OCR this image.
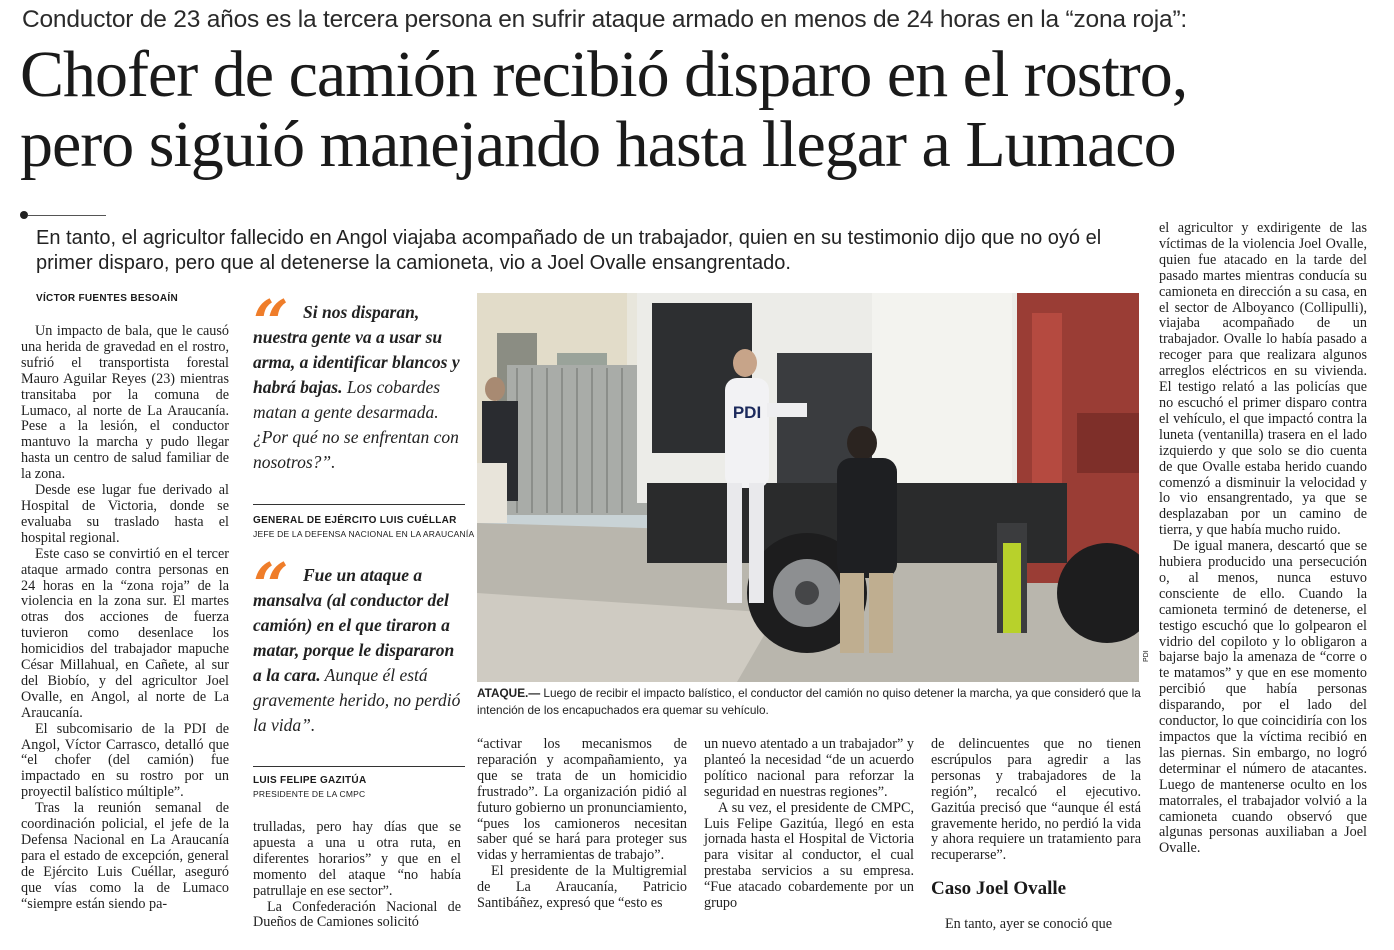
Conductor de 23 años es la tercera persona en sufrir ataque armado en menos de 24 horas en la “zona roja”:
Chofer de camión recibió disparo en el rostro,
pero siguió manejando hasta llegar a Lumaco
En tanto, el agricultor fallecido en Angol viajaba acompañado de un trabajador, quien en su testimonio dijo que no oyó el primer disparo, pero que al detenerse la camioneta, vio a Joel Ovalle ensangrentado.
VÍCTOR FUENTES BESOAÍN

Un impacto de bala, que le causó una herida de gravedad en el rostro, sufrió el transportista forestal Mauro Aguilar Reyes (23) mientras transitaba por la comuna de Lumaco, al norte de La Araucanía. Pese a la lesión, el conductor mantuvo la marcha y pudo llegar hasta un centro de salud familiar de la zona.

Desde ese lugar fue derivado al Hospital de Victoria, donde se evaluaba su traslado hasta el hospital regional.

Este caso se convirtió en el tercer ataque armado contra personas en 24 horas en la “zona roja” de la violencia en la zona sur. El martes otras dos acciones de fuerza tuvieron como desenlace los homicidios del trabajador mapuche César Millahual, en Cañete, al sur del Biobío, y del agricultor Joel Ovalle, en Angol, al norte de La Araucanía.

El subcomisario de la PDI de Angol, Víctor Carrasco, detalló que “el chofer (del camión) fue impactado en su rostro por un proyectil balístico múltiple”.

Tras la reunión semanal de coordinación policial, el jefe de la Defensa Nacional en La Araucanía para el estado de excepción, general de Ejército Luis Cuéllar, aseguró que vías como la de Lumaco “siempre están siendo pa-

“ Si nos disparan, nuestra gente va a usar su arma, a identificar blancos y habrá bajas. Los cobardes matan a gente desarmada. ¿Por qué no se enfrentan con nosotros?”.
GENERAL DE EJÉRCITO LUIS CUÉLLAR
JEFE DE LA DEFENSA NACIONAL EN LA ARAUCANÍA
“ Fue un ataque a mansalva (al conductor del camión) en el que tiraron a matar, porque le dispararon a la cara. Aunque él está gravemente herido, no perdió la vida”.
LUIS FELIPE GAZITÚA
PRESIDENTE DE LA CMPC

trulladas, pero hay días que se apuesta a una u otra ruta, en diferentes horarios” y que en el momento del ataque “no había patrullaje en ese sector”.

La Confederación Nacional de Dueños de Camiones solicitó

PDI
PDI
ATAQUE.— Luego de recibir el impacto balístico, el conductor del camión no quiso detener la marcha, ya que consideró que la intención de los encapuchados era quemar su vehículo.

“activar los mecanismos de reparación y acompañamiento, ya que se trata de un homicidio frustrado”. La organización pidió al futuro gobierno un pronunciamiento, “pues los camioneros necesitan saber qué se hará para proteger sus vidas y herramientas de trabajo”.

El presidente de la Multigremial de La Araucanía, Patricio Santibáñez, expresó que “esto es

un nuevo atentado a un trabajador” y planteó la necesidad “de un acuerdo político nacional para reforzar la seguridad en nuestras regiones”.

A su vez, el presidente de CMPC, Luis Felipe Gazitúa, llegó en esta jornada hasta el Hospital de Victoria para visitar al conductor, el cual prestaba servicios a su empresa. “Fue atacado cobardemente por un grupo

de delincuentes que no tienen escrúpulos para agredir a las personas y trabajadores de la región”, recalcó el ejecutivo. Gazitúa precisó que “aunque él está gravemente herido, no perdió la vida y ahora requiere un tratamiento para recuperarse”.

Caso Joel Ovalle

En tanto, ayer se conoció que

el agricultor y exdirigente de las víctimas de la violencia Joel Ovalle, quien fue atacado en la tarde del pasado martes mientras conducía su camioneta en dirección a su casa, en el sector de Alboyanco (Collipulli), viajaba acompañado de un trabajador. Ovalle lo había pasado a recoger para que realizara algunos arreglos eléctricos en su vivienda. El testigo relató a las policías que no escuchó el primer disparo contra el vehículo, el que impactó contra la luneta (ventanilla) trasera en el lado izquierdo y que solo se dio cuenta de que Ovalle estaba herido cuando comenzó a disminuir la velocidad y lo vio ensangrentado, ya que se desplazaban por un camino de tierra, y que había mucho ruido.

De igual manera, descartó que se hubiera producido una persecución o, al menos, nunca estuvo consciente de ello. Cuando la camioneta terminó de detenerse, el testigo escuchó que lo golpearon el vidrio del copiloto y lo obligaron a bajarse bajo la amenaza de “corre o te matamos” y que en ese momento percibió que había personas disparando, por el lado del conductor, lo que coincidiría con los impactos que la víctima recibió en las piernas. Sin embargo, no logró determinar el número de atacantes. Luego de mantenerse oculto en los matorrales, el trabajador volvió a la camioneta cuando observó que algunas personas auxiliaban a Joel Ovalle.
